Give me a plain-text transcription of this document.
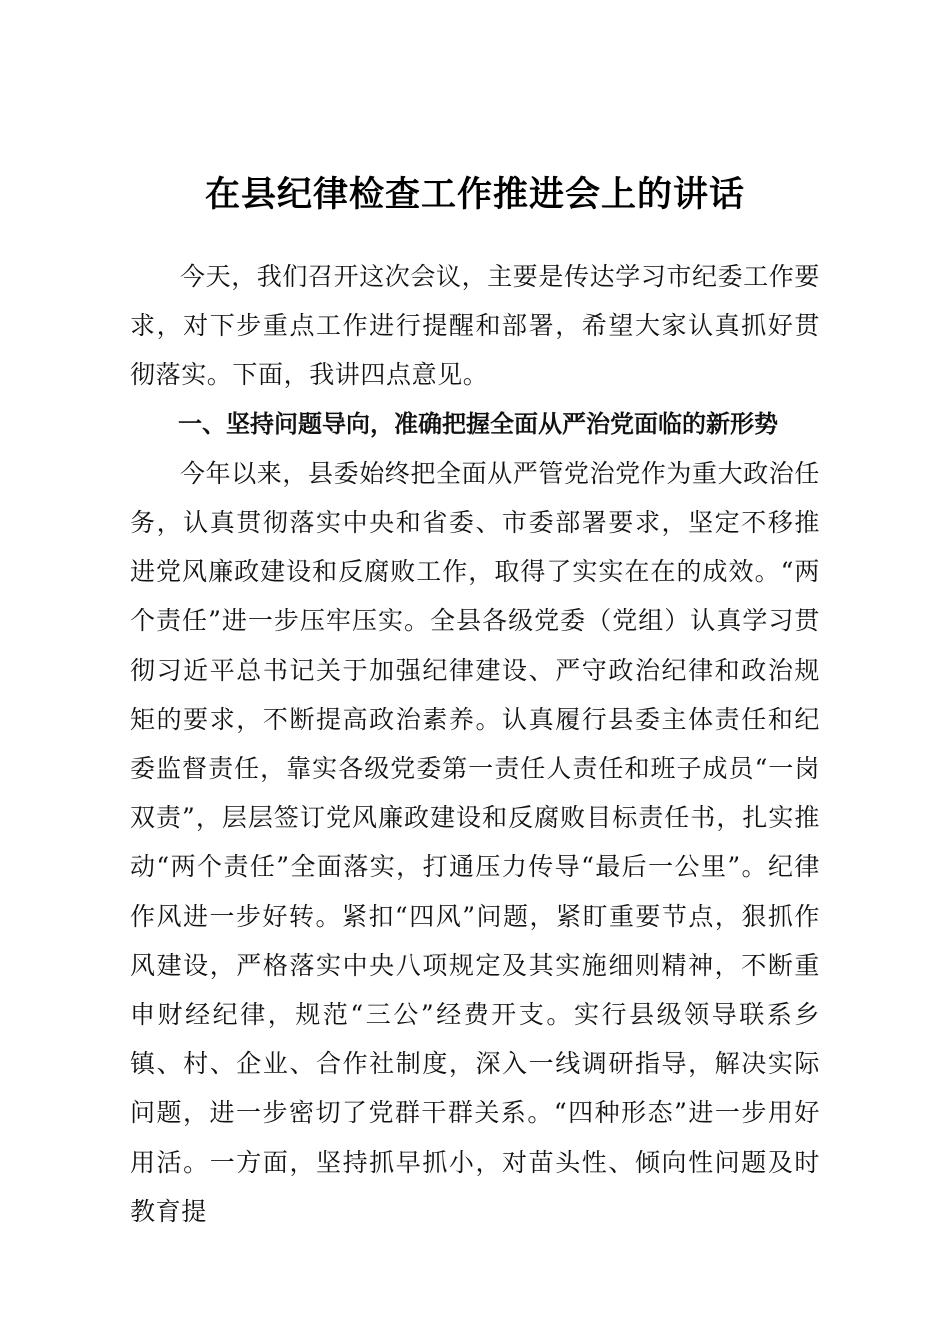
在县纪律检查工作推进会上的讲话

今天，我们召开这次会议，主要是传达学习市纪委工作要求，对下步重点工作进行提醒和部署，希望大家认真抓好贯彻落实。下面，我讲四点意见。

一、坚持问题导向，准确把握全面从严治党面临的新形势

今年以来，县委始终把全面从严管党治党作为重大政治任务，认真贯彻落实中央和省委、市委部署要求，坚定不移推进党风廉政建设和反腐败工作，取得了实实在在的成效。“两个责任”进一步压牢压实。全县各级党委（党组）认真学习贯彻习近平总书记关于加强纪律建设、严守政治纪律和政治规矩的要求，不断提高政治素养。认真履行县委主体责任和纪委监督责任，靠实各级党委第一责任人责任和班子成员“一岗双责”，层层签订党风廉政建设和反腐败目标责任书，扎实推动“两个责任”全面落实，打通压力传导“最后一公里”。纪律作风进一步好转。紧扣“四风”问题，紧盯重要节点，狠抓作风建设，严格落实中央八项规定及其实施细则精神，不断重申财经纪律，规范“三公”经费开支。实行县级领导联系乡镇、村、企业、合作社制度，深入一线调研指导，解决实际问题，进一步密切了党群干群关系。“四种形态”进一步用好用活。一方面，坚持抓早抓小，对苗头性、倾向性问题及时教育提
